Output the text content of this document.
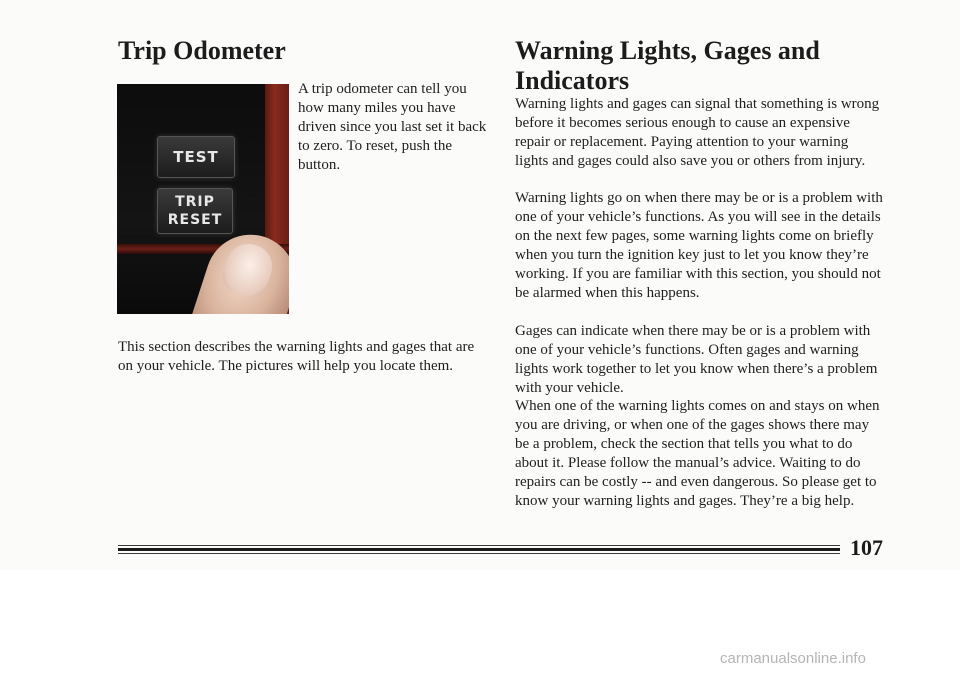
Trip Odometer
TEST
TRIP
RESET

A trip odometer can tell you how many miles you have driven since you last set it back to zero. To reset, push the button.

This section describes the warning lights and gages that are on your vehicle. The pictures will help you locate them.

Warning Lights, Gages and Indicators

Warning lights and gages can signal that something is wrong before it becomes serious enough to cause an expensive repair or replacement. Paying attention to your warning lights and gages could also save you or others from injury.

Warning lights go on when there may be or is a problem with one of your vehicle’s functions. As you will see in the details on the next few pages, some warning lights come on briefly when you turn the ignition key just to let you know they’re working. If you are familiar with this section, you should not be alarmed when this happens.

Gages can indicate when there may be or is a problem with one of your vehicle’s functions. Often gages and warning lights work together to let you know when there’s a problem with your vehicle.

When one of the warning lights comes on and stays on when you are driving, or when one of the gages shows there may be a problem, check the section that tells you what to do about it. Please follow the manual’s advice. Waiting to do repairs can be costly -- and even dangerous. So please get to know your warning lights and gages. They’re a big help.

107

carmanualsonline.info
